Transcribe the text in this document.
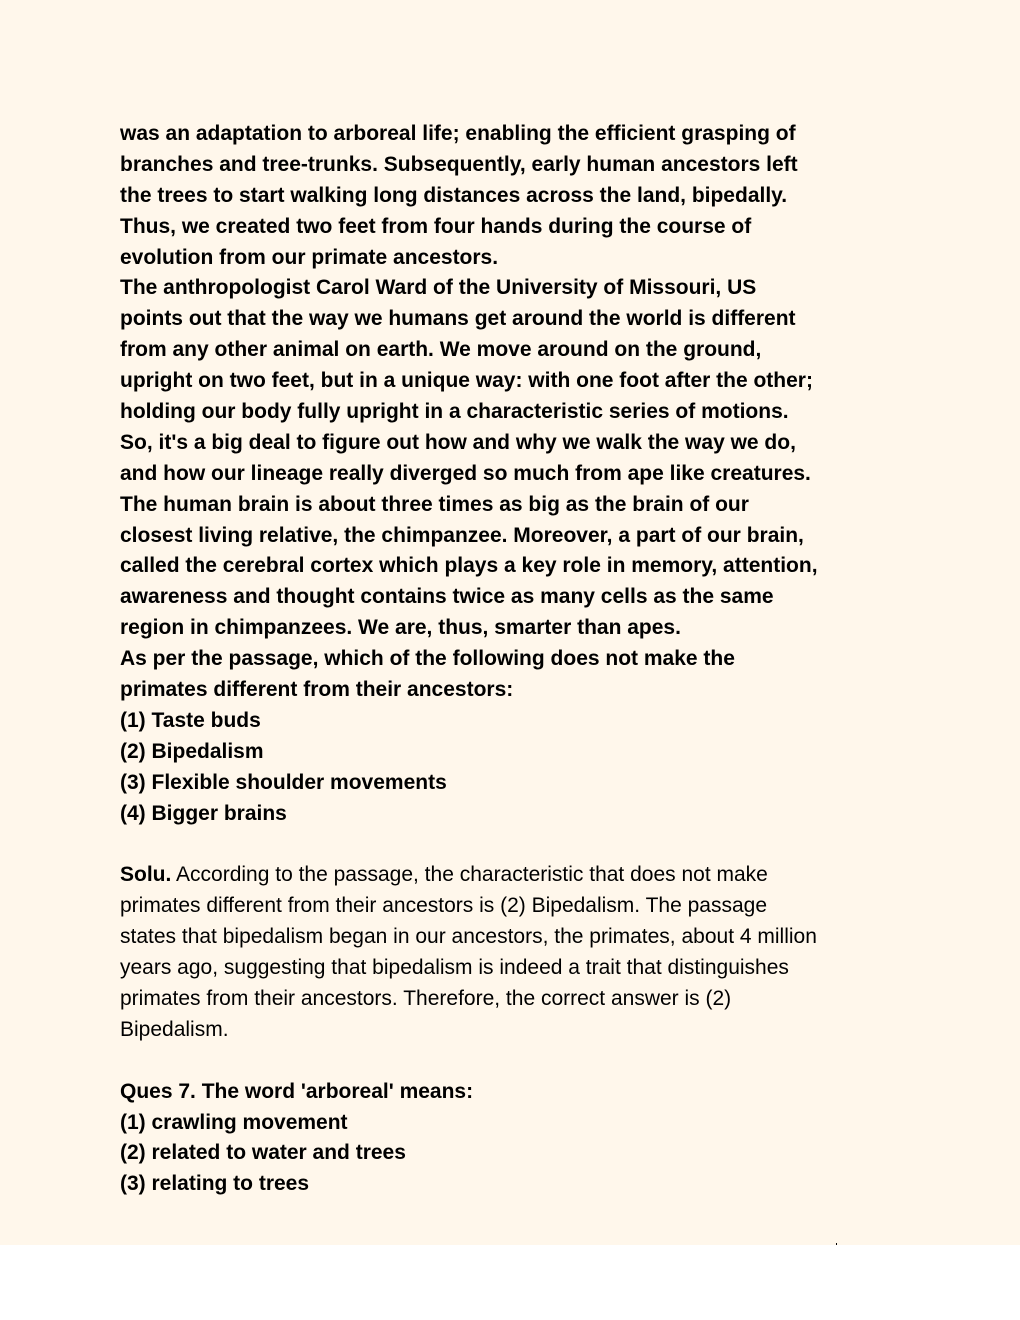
was an adaptation to arboreal life; enabling the efficient grasping of
branches and tree-trunks. Subsequently, early human ancestors left
the trees to start walking long distances across the land, bipedally.
Thus, we created two feet from four hands during the course of
evolution from our primate ancestors.
The anthropologist Carol Ward of the University of Missouri, US
points out that the way we humans get around the world is different
from any other animal on earth. We move around on the ground,
upright on two feet, but in a unique way: with one foot after the other;
holding our body fully upright in a characteristic series of motions.
So, it's a big deal to figure out how and why we walk the way we do,
and how our lineage really diverged so much from ape like creatures.
The human brain is about three times as big as the brain of our
closest living relative, the chimpanzee. Moreover, a part of our brain,
called the cerebral cortex which plays a key role in memory, attention,
awareness and thought contains twice as many cells as the same
region in chimpanzees. We are, thus, smarter than apes.
As per the passage, which of the following does not make the
primates different from their ancestors:
(1) Taste buds
(2) Bipedalism
(3) Flexible shoulder movements
(4) Bigger brains
Solu. According to the passage, the characteristic that does not make
primates different from their ancestors is (2) Bipedalism. The passage
states that bipedalism began in our ancestors, the primates, about 4 million
years ago, suggesting that bipedalism is indeed a trait that distinguishes
primates from their ancestors. Therefore, the correct answer is (2)
Bipedalism.
Ques 7. The word 'arboreal' means:
(1) crawling movement
(2) related to water and trees
(3) relating to trees
